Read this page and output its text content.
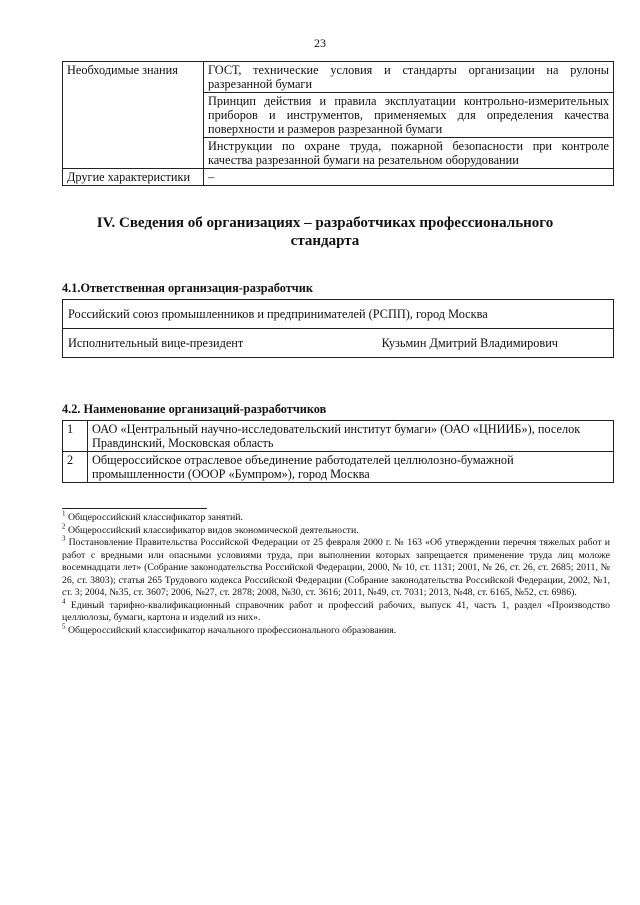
23
Необходимые знания	ГОСТ, технические условия и стандарты организации на рулоны разрезанной бумаги
	Принцип действия и правила эксплуатации контрольно-измерительных приборов и инструментов, применяемых для определения качества поверхности и размеров разрезанной бумаги
	Инструкции по охране труда, пожарной безопасности при контроле качества разрезанной бумаги на резательном оборудовании
Другие характеристики	–
IV. Сведения об организациях – разработчиках профессионального стандарта
4.1.Ответственная организация-разработчик
Российский союз промышленников и предпринимателей (РСПП), город Москва

Исполнительный вице-президент	Кузьмин Дмитрий Владимирович
4.2. Наименование организаций-разработчиков
1	ОАО «Центральный научно-исследовательский институт бумаги» (ОАО «ЦНИИБ»), поселок Правдинский, Московская область
2	Общероссийское отраслевое объединение работодателей целлюлозно-бумажной промышленности (ОООР «Бумпром»), город Москва

$^1$ Общероссийский классификатор занятий.

$^2$ Общероссийский классификатор видов экономической деятельности.

$^3$ Постановление Правительства Российской Федерации от 25 февраля 2000 г. № 163 «Об утверждении перечня тяжелых работ и работ с вредными или опасными условиями труда, при выполнении которых запрещается применение труда лиц моложе восемнадцати лет» (Собрание законодательства Российской Федерации, 2000, № 10, ст. 1131; 2001, № 26, ст. 26, ст. 2685; 2011, № 26, ст. 3803); статья 265 Трудового кодекса Российской Федерации (Собрание законодательства Российской Федерации, 2002, №1, ст. 3; 2004, №35, ст. 3607; 2006, №27, ст. 2878; 2008, №30, ст. 3616; 2011, №49, ст. 7031; 2013, №48, ст. 6165, №52, ст. 6986).

$^4$ Единый тарифно-квалификационный справочник работ и профессий рабочих, выпуск 41, часть 1, раздел «Производство целлюлозы, бумаги, картона и изделий из них».

$^5$ Общероссийский классификатор начального профессионального образования.
